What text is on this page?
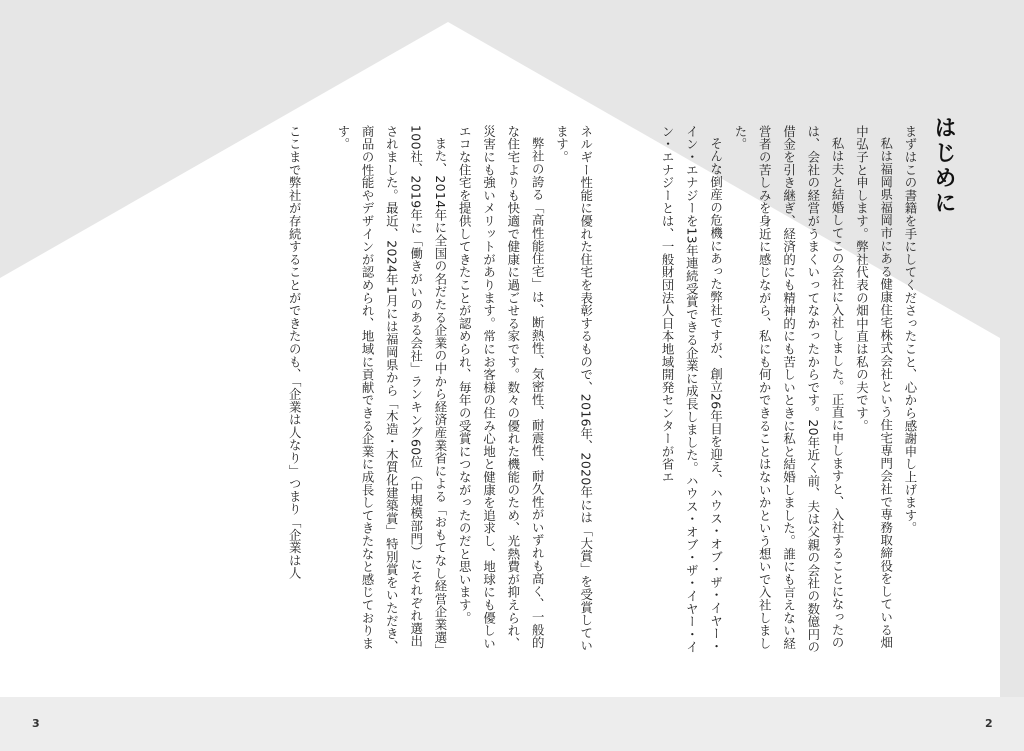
はじめに

まずはこの書籍を手にしてくださったこと、心から感謝申し上げます。

私は福岡県福岡市にある健康住宅株式会社という住宅専門会社で専務取締役をしている畑中弘子と申します。弊社代表の畑中直は私の夫です。

私は夫と結婚してこの会社に入社しました。正直に申しますと、入社することになったのは、会社の経営がうまくいってなかったからです。20年近く前、夫は父親の会社の数億円の借金を引き継ぎ、経済的にも精神的にも苦しいときに私と結婚しました。誰にも言えない経営者の苦しみを身近に感じながら、私にも何かできることはないかという想いで入社しました。

そんな倒産の危機にあった弊社ですが、創立26年目を迎え、ハウス・オブ・ザ・イヤー・イン・エナジーを13年連続受賞できる企業に成長しました。ハウス・オブ・ザ・イヤー・イン・エナジーとは、一般財団法人日本地域開発センターが省エ

ネルギー性能に優れた住宅を表彰するもので、2016年、2020年には「大賞」を受賞しています。

弊社の誇る「高性能住宅」は、断熱性、気密性、耐震性、耐久性がいずれも高く、一般的な住宅よりも快適で健康に過ごせる家です。数々の優れた機能のため、光熱費が抑えられ、災害にも強いメリットがあります。常にお客様の住み心地と健康を追求し、地球にも優しいエコな住宅を提供してきたことが認められ、毎年の受賞につながったのだと思います。

また、2014年に全国の名だたる企業の中から経済産業省による「おもてなし経営企業選」100社、2019年に「働きがいのある会社」ランキング60位（中規模部門）にそれぞれ選出されました。最近、2024年1月には福岡県から「木造・木質化建築賞」特別賞をいただき、商品の性能やデザインが認められ、地域に貢献できる企業に成長してきたなと感じております。

ここまで弊社が存続することができたのも、「企業は人なり」つまり「企業は人

3	2
